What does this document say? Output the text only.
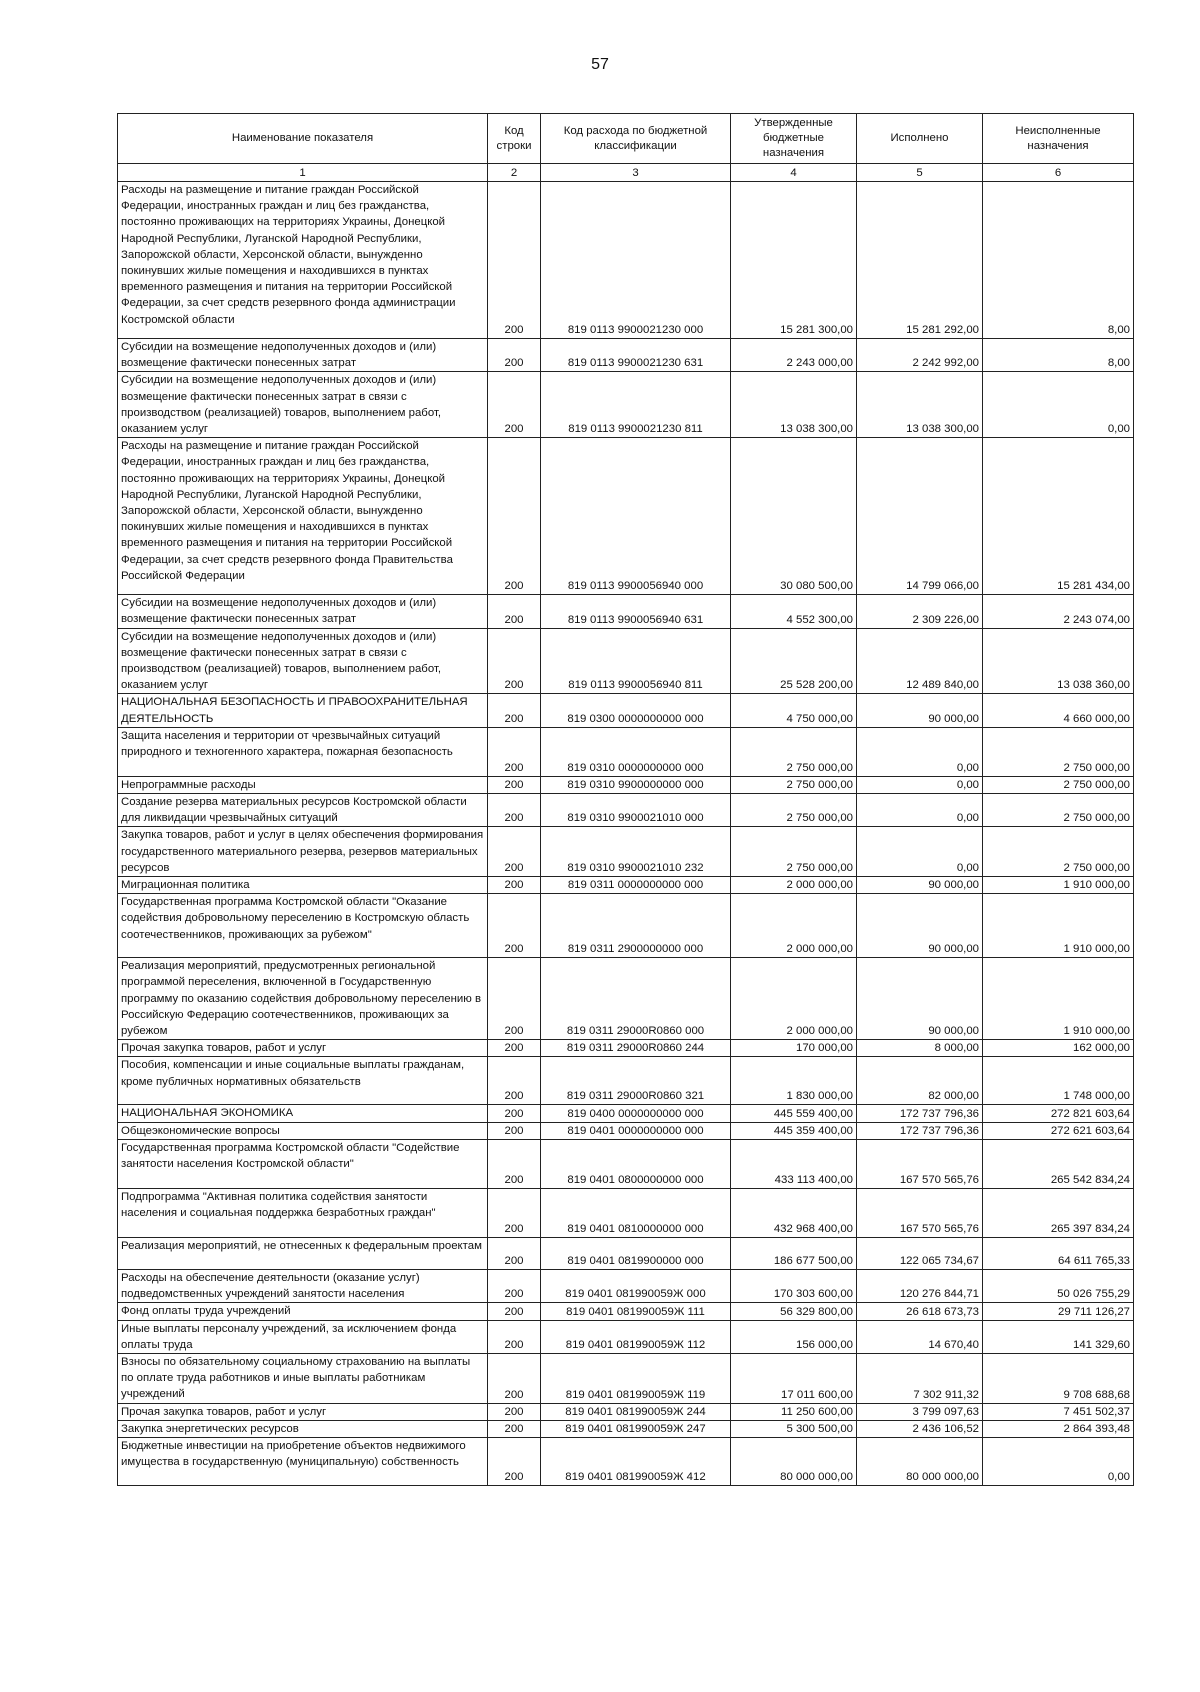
57
Наименование показателя	Код строки	Код расхода по бюджетной классификации	Утвержденные бюджетные назначения	Исполнено	Неисполненные назначения
1	2	3	4	5	6
Расходы на размещение и питание граждан Российской Федерации, иностранных граждан и лиц без гражданства, постоянно проживающих на территориях Украины, Донецкой Народной Республики, Луганской Народной Республики, Запорожской области, Херсонской области, вынужденно покинувших жилые помещения и находившихся в пунктах временного размещения и питания на территории Российской Федерации, за счет средств резервного фонда администрации Костромской области	200	819 0113 9900021230 000	15 281 300,00	15 281 292,00	8,00
Субсидии на возмещение недополученных доходов и (или) возмещение фактически понесенных затрат	200	819 0113 9900021230 631	2 243 000,00	2 242 992,00	8,00
Субсидии на возмещение недополученных доходов и (или) возмещение фактически понесенных затрат в связи с производством (реализацией) товаров, выполнением работ, оказанием услуг	200	819 0113 9900021230 811	13 038 300,00	13 038 300,00	0,00
Расходы на размещение и питание граждан Российской Федерации, иностранных граждан и лиц без гражданства, постоянно проживающих на территориях Украины, Донецкой Народной Республики, Луганской Народной Республики, Запорожской области, Херсонской области, вынужденно покинувших жилые помещения и находившихся в пунктах временного размещения и питания на территории Российской Федерации, за счет средств резервного фонда Правительства Российской Федерации	200	819 0113 9900056940 000	30 080 500,00	14 799 066,00	15 281 434,00
Субсидии на возмещение недополученных доходов и (или) возмещение фактически понесенных затрат	200	819 0113 9900056940 631	4 552 300,00	2 309 226,00	2 243 074,00
Субсидии на возмещение недополученных доходов и (или) возмещение фактически понесенных затрат в связи с производством (реализацией) товаров, выполнением работ, оказанием услуг	200	819 0113 9900056940 811	25 528 200,00	12 489 840,00	13 038 360,00
НАЦИОНАЛЬНАЯ БЕЗОПАСНОСТЬ И ПРАВООХРАНИТЕЛЬНАЯ ДЕЯТЕЛЬНОСТЬ	200	819 0300 0000000000 000	4 750 000,00	90 000,00	4 660 000,00
Защита населения и территории от чрезвычайных ситуаций природного и техногенного характера, пожарная безопасность	200	819 0310 0000000000 000	2 750 000,00	0,00	2 750 000,00
Непрограммные расходы	200	819 0310 9900000000 000	2 750 000,00	0,00	2 750 000,00
Создание резерва материальных ресурсов Костромской области для ликвидации чрезвычайных ситуаций	200	819 0310 9900021010 000	2 750 000,00	0,00	2 750 000,00
Закупка товаров, работ и услуг в целях обеспечения формирования государственного материального резерва, резервов материальных ресурсов	200	819 0310 9900021010 232	2 750 000,00	0,00	2 750 000,00
Миграционная политика	200	819 0311 0000000000 000	2 000 000,00	90 000,00	1 910 000,00
Государственная программа Костромской области "Оказание содействия добровольному переселению в Костромскую область соотечественников, проживающих за рубежом"	200	819 0311 2900000000 000	2 000 000,00	90 000,00	1 910 000,00
Реализация мероприятий, предусмотренных региональной программой переселения, включенной в Государственную программу по оказанию содействия добровольному переселению в Российскую Федерацию соотечественников, проживающих за рубежом	200	819 0311 29000R0860 000	2 000 000,00	90 000,00	1 910 000,00
Прочая закупка товаров, работ и услуг	200	819 0311 29000R0860 244	170 000,00	8 000,00	162 000,00
Пособия, компенсации и иные социальные выплаты гражданам, кроме публичных нормативных обязательств	200	819 0311 29000R0860 321	1 830 000,00	82 000,00	1 748 000,00
НАЦИОНАЛЬНАЯ ЭКОНОМИКА	200	819 0400 0000000000 000	445 559 400,00	172 737 796,36	272 821 603,64
Общеэкономические вопросы	200	819 0401 0000000000 000	445 359 400,00	172 737 796,36	272 621 603,64
Государственная программа Костромской области "Содействие занятости населения Костромской области"	200	819 0401 0800000000 000	433 113 400,00	167 570 565,76	265 542 834,24
Подпрограмма "Активная политика содействия занятости населения и социальная поддержка безработных граждан"	200	819 0401 0810000000 000	432 968 400,00	167 570 565,76	265 397 834,24
Реализация мероприятий, не отнесенных к федеральным проектам	200	819 0401 0819900000 000	186 677 500,00	122 065 734,67	64 611 765,33
Расходы на обеспечение деятельности (оказание услуг) подведомственных учреждений занятости населения	200	819 0401 081990059Ж 000	170 303 600,00	120 276 844,71	50 026 755,29
Фонд оплаты труда учреждений	200	819 0401 081990059Ж 111	56 329 800,00	26 618 673,73	29 711 126,27
Иные выплаты персоналу учреждений, за исключением фонда оплаты труда	200	819 0401 081990059Ж 112	156 000,00	14 670,40	141 329,60
Взносы по обязательному социальному страхованию на выплаты по оплате труда работников и иные выплаты работникам учреждений	200	819 0401 081990059Ж 119	17 011 600,00	7 302 911,32	9 708 688,68
Прочая закупка товаров, работ и услуг	200	819 0401 081990059Ж 244	11 250 600,00	3 799 097,63	7 451 502,37
Закупка энергетических ресурсов	200	819 0401 081990059Ж 247	5 300 500,00	2 436 106,52	2 864 393,48
Бюджетные инвестиции на приобретение объектов недвижимого имущества в государственную (муниципальную) собственность	200	819 0401 081990059Ж 412	80 000 000,00	80 000 000,00	0,00
